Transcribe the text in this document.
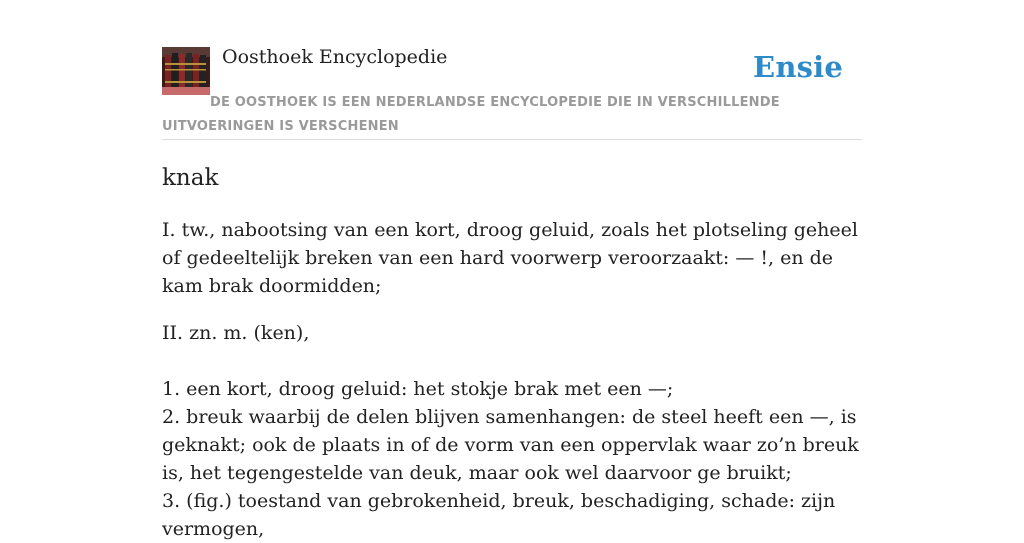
Oosthoek Encyclopedie	Ensie
DE OOSTHOEK IS EEN NEDERLANDSE ENCYCLOPEDIE DIE IN VERSCHILLENDE UITVOERINGEN IS VERSCHENEN
knak

I. tw., nabootsing van een kort, droog geluid, zoals het plotseling geheel of gedeeltelijk breken van een hard voorwerp veroorzaakt: — !, en de kam brak doormidden;

II. zn. m. (ken),

1. een kort, droog geluid: het stokje brak met een —;
2. breuk waarbij de delen blijven samenhangen: de steel heeft een —, is geknakt; ook de plaats in of de vorm van een oppervlak waar zo’n breuk is, het tegengestelde van deuk, maar ook wel daarvoor ge bruikt;
3. (fig.) toestand van gebrokenheid, breuk, beschadiging, schade: zijn vermogen,
